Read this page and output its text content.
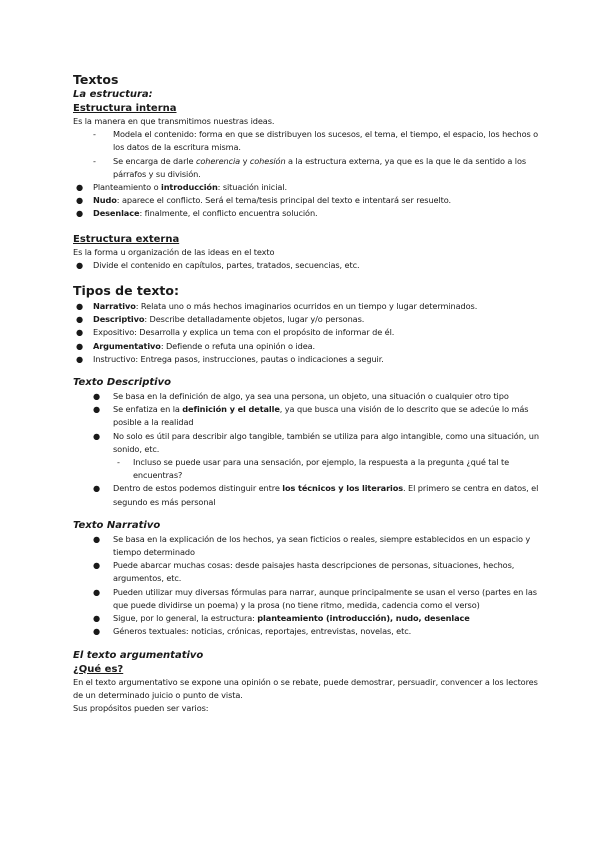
Textos
La estructura:
Estructura interna
Es la manera en que transmitimos nuestras ideas.
-	Modela el contenido: forma en que se distribuyen los sucesos, el tema, el tiempo, el espacio, los hechos o los datos de la escritura misma.
-	Se encarga de darle coherencia y cohesión a la estructura externa, ya que es la que le da sentido a los párrafos y su división.
●	Planteamiento o introducción: situación inicial.
●	Nudo: aparece el conflicto. Será el tema/tesis principal del texto e intentará ser resuelto.
●	Desenlace: finalmente, el conflicto encuentra solución.
Estructura externa
Es la forma u organización de las ideas en el texto
●	Divide el contenido en capítulos, partes, tratados, secuencias, etc.
Tipos de texto:
●	Narrativo: Relata uno o más hechos imaginarios ocurridos en un tiempo y lugar determinados.
●	Descriptivo: Describe detalladamente objetos, lugar y/o personas.
●	Expositivo: Desarrolla y explica un tema con el propósito de informar de él.
●	Argumentativo: Defiende o refuta una opinión o idea.
●	Instructivo: Entrega pasos, instrucciones, pautas o indicaciones a seguir.
Texto Descriptivo
●	Se basa en la definición de algo, ya sea una persona, un objeto, una situación o cualquier otro tipo
●	Se enfatiza en la definición y el detalle, ya que busca una visión de lo descrito que se adecúe lo más posible a la realidad
●	No solo es útil para describir algo tangible, también se utiliza para algo intangible, como una situación, un sonido, etc.
-	Incluso se puede usar para una sensación, por ejemplo, la respuesta a la pregunta ¿qué tal te encuentras?
●	Dentro de estos podemos distinguir entre los técnicos y los literarios. El primero se centra en datos, el segundo es más personal
Texto Narrativo
●	Se basa en la explicación de los hechos, ya sean ficticios o reales, siempre establecidos en un espacio y tiempo determinado
●	Puede abarcar muchas cosas: desde paisajes hasta descripciones de personas, situaciones, hechos, argumentos, etc.
●	Pueden utilizar muy diversas fórmulas para narrar, aunque principalmente se usan el verso (partes en las que puede dividirse un poema) y la prosa (no tiene ritmo, medida, cadencia como el verso)
●	Sigue, por lo general, la estructura: planteamiento (introducción), nudo, desenlace
●	Géneros textuales: noticias, crónicas, reportajes, entrevistas, novelas, etc.
El texto argumentativo
¿Qué es?
En el texto argumentativo se expone una opinión o se rebate, puede demostrar, persuadir, convencer a los lectores de un determinado juicio o punto de vista.
Sus propósitos pueden ser varios:
